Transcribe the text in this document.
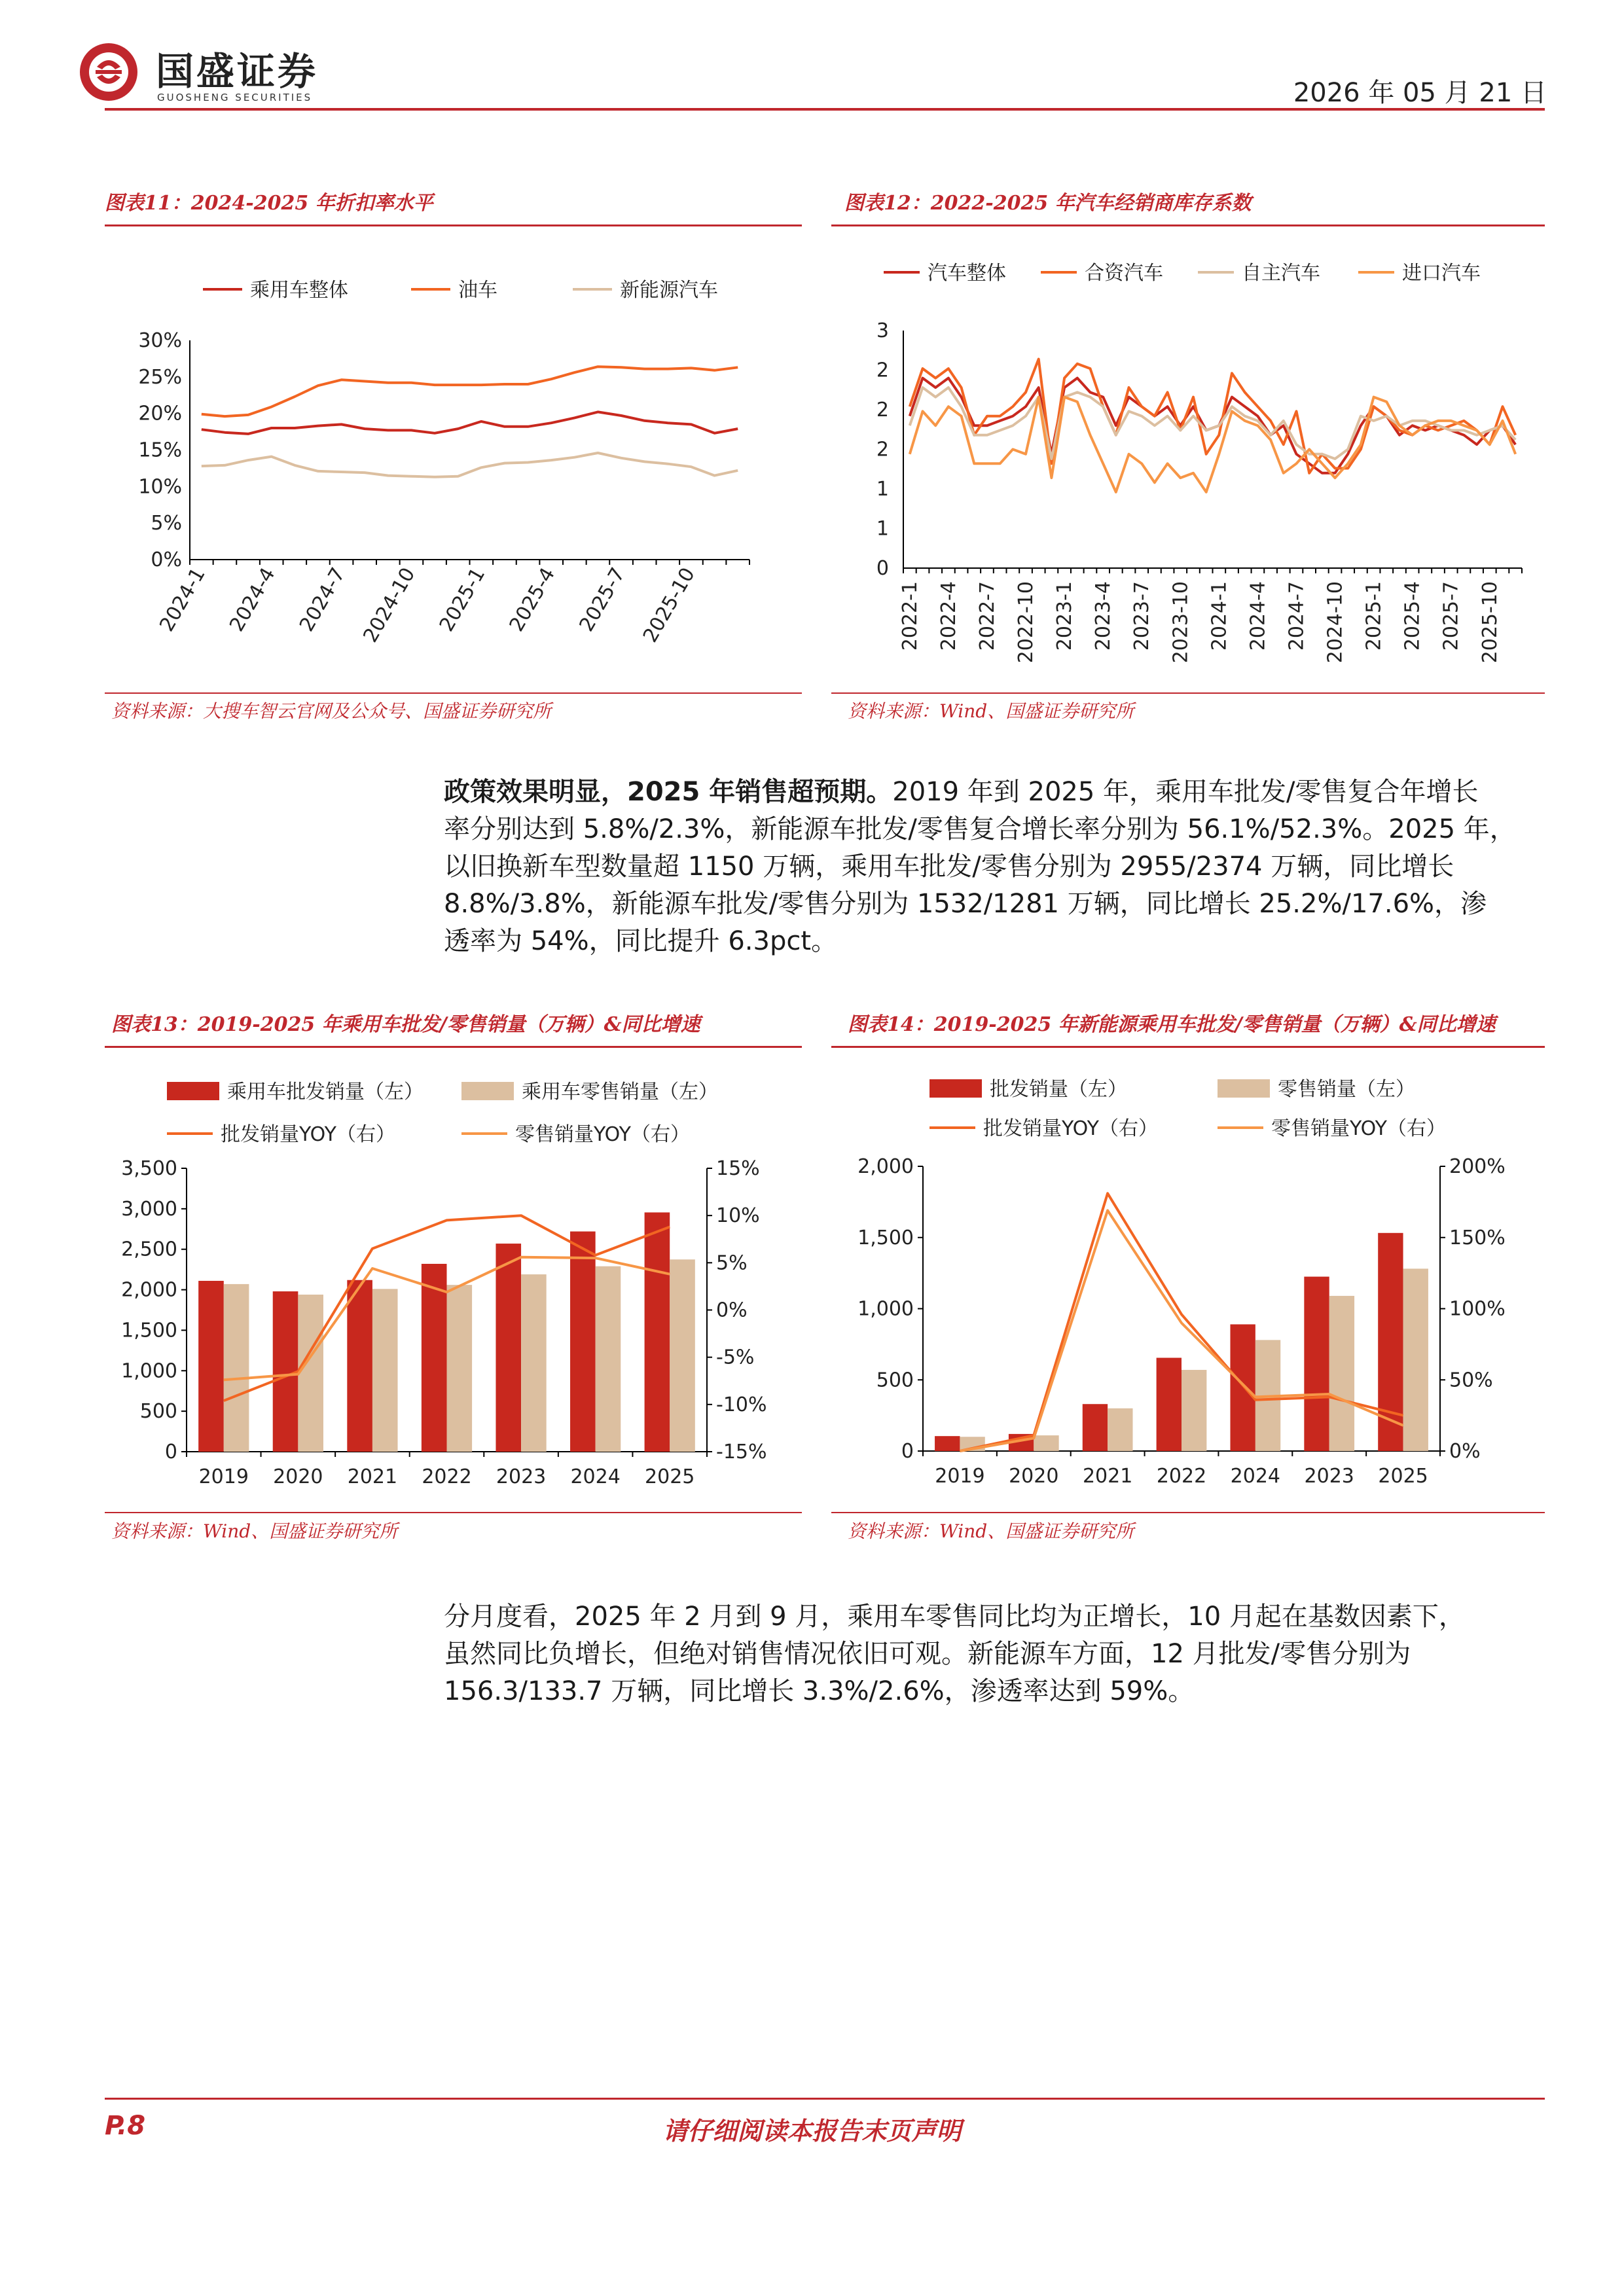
国盛证券
GUOSHENG SECURITIES	2026 年 05 月 21 日
图表11：2024-2025 年折扣率水平
乘用车整体	油车	新能源汽车
0%
5%
10%
15%
20%
25%
30%
2024-1 2024-4 2024-7 2024-10 2025-1 2025-4 2025-7 2025-10
资料来源：大搜车智云官网及公众号、国盛证券研究所
图表12：2022-2025 年汽车经销商库存系数
汽车整体	合资汽车	自主汽车	进口汽车
0
1
1
2
2
2
3
2022-1 2022-4 2022-7 2022-10 2023-1 2023-4 2023-7 2023-10 2024-1 2024-4 2024-7 2024-10 2025-1 2025-4 2025-7 2025-10
资料来源：Wind、国盛证券研究所
政策效果明显，2025 年销售超预期。2019 年到 2025 年，乘用车批发/零售复合年增长
率分别达到 5.8%/2.3%，新能源车批发/零售复合增长率分别为 56.1%/52.3%。2025 年，
以旧换新车型数量超 1150 万辆，乘用车批发/零售分别为 2955/2374 万辆，同比增长
8.8%/3.8%，新能源车批发/零售分别为 1532/1281 万辆，同比增长 25.2%/17.6%，渗
透率为 54%，同比提升 6.3pct。
图表13：2019-2025 年乘用车批发/零售销量（万辆）&同比增速
乘用车批发销量（左）	乘用车零售销量（左）
批发销量YOY（右）	零售销量YOY（右）
0
500
1,000
1,500
2,000
2,500
3,000
3,500
-15%
-10%
-5%
0%
5%
10%
15%
2019 2020 2021 2022 2023 2024 2025
资料来源：Wind、国盛证券研究所
图表14：2019-2025 年新能源乘用车批发/零售销量（万辆）&同比增速
批发销量（左）	零售销量（左）
批发销量YOY（右）	零售销量YOY（右）
0
500
1,000
1,500
2,000
0%
50%
100%
150%
200%
2019 2020 2021 2022 2024 2023 2025
资料来源：Wind、国盛证券研究所
分月度看，2025 年 2 月到 9 月，乘用车零售同比均为正增长，10 月起在基数因素下，
虽然同比负增长，但绝对销售情况依旧可观。新能源车方面，12 月批发/零售分别为
156.3/133.7 万辆，同比增长 3.3%/2.6%，渗透率达到 59%。
P.8	请仔细阅读本报告末页声明
